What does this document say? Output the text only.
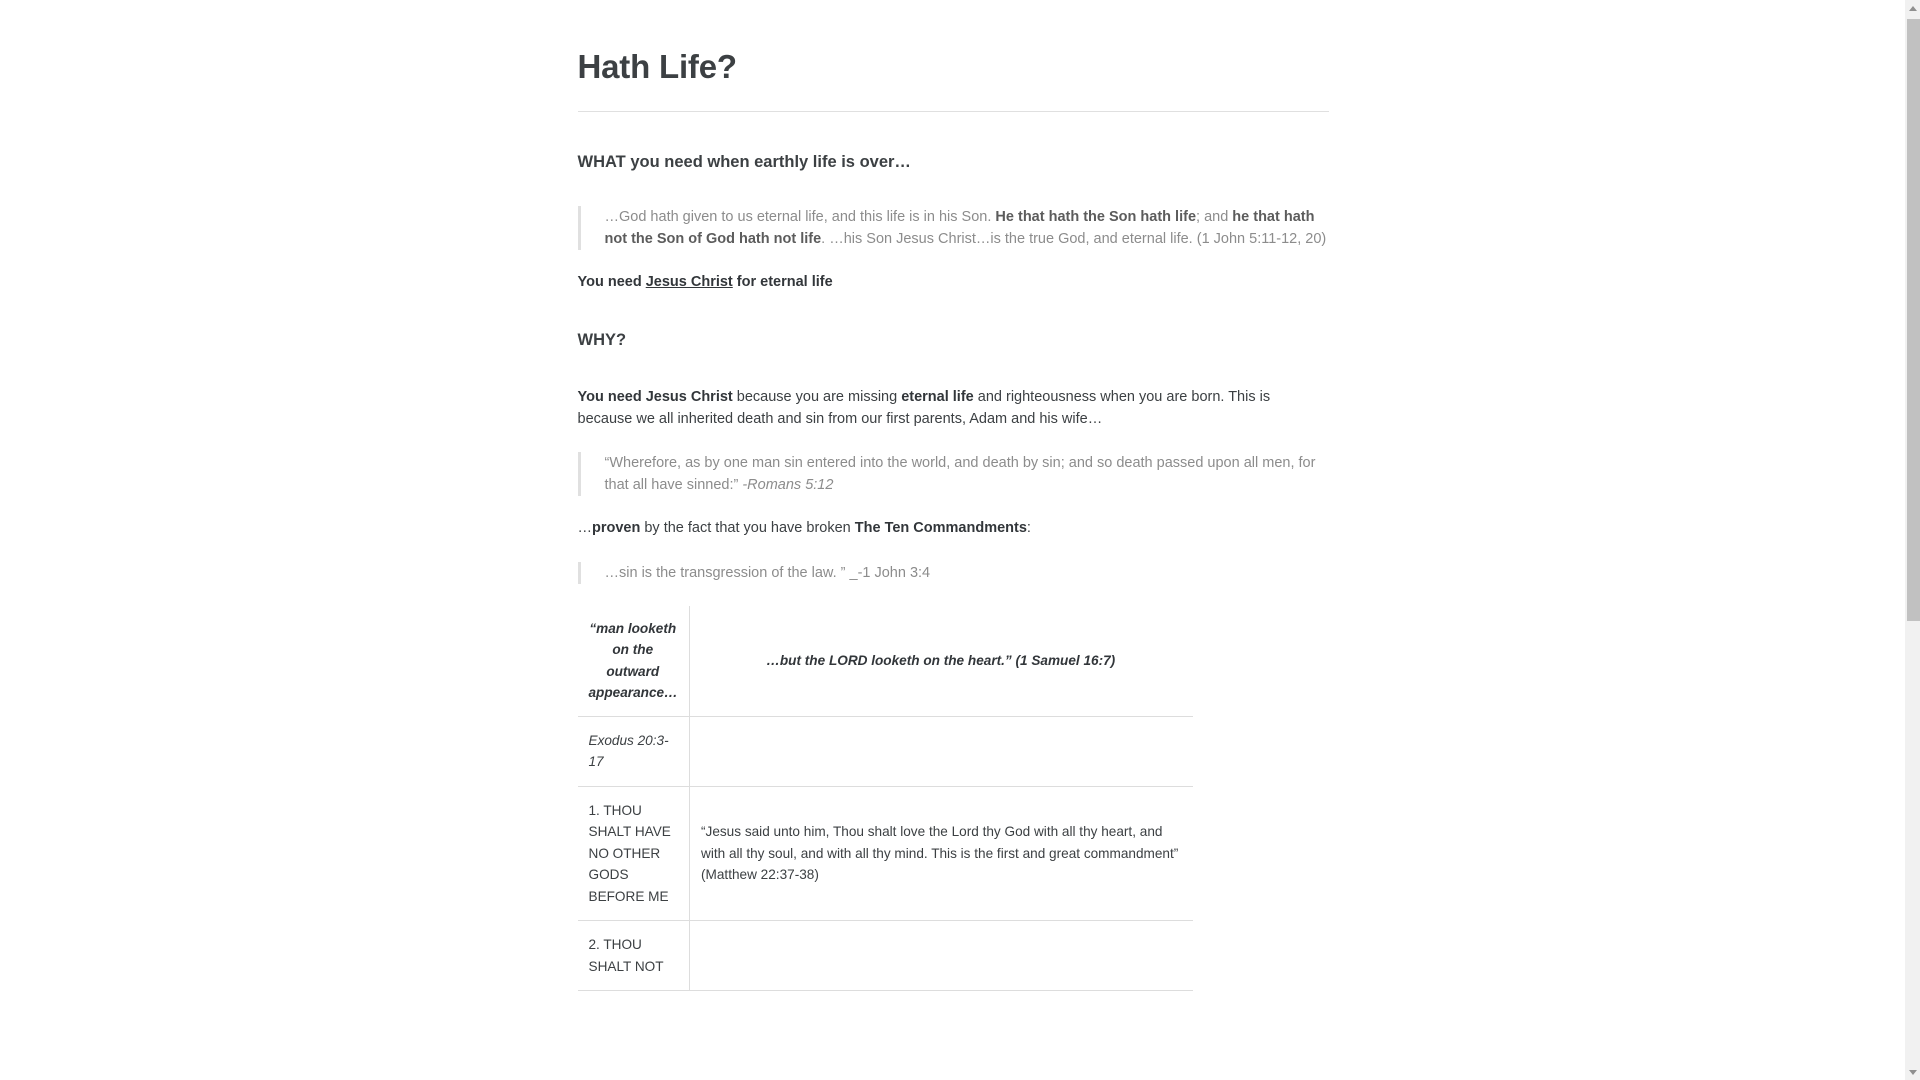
Hath Life?
WHAT you need when earthly life is over…
…God hath given to us eternal life, and this life is in his Son. He that hath the Son hath life; and he that hath not the Son of God hath not life. …his Son Jesus Christ…is the true God, and eternal life. (1 John 5:11-12, 20)

You need Jesus Christ for eternal life

WHY?

You need Jesus Christ because you are missing eternal life and righteousness when you are born. This is because we all inherited death and sin from our first parents, Adam and his wife…

“Wherefore, as by one man sin entered into the world, and death by sin; and so death passed upon all men, for that all have sinned:” -Romans 5:12

…proven by the fact that you have broken The Ten Commandments:

…sin is the transgression of the law. ” _-1 John 3:4
“man looketh on the outward appearance…	…but the LORD looketh on the heart.” (1 Samuel 16:7)
Exodus 20:3-17	
1. THOU SHALT HAVE NO OTHER GODS BEFORE ME	“Jesus said unto him, Thou shalt love the Lord thy God with all thy heart, and with all thy soul, and with all thy mind. This is the first and great commandment” (Matthew 22:37-38)
2. THOU SHALT NOT	
